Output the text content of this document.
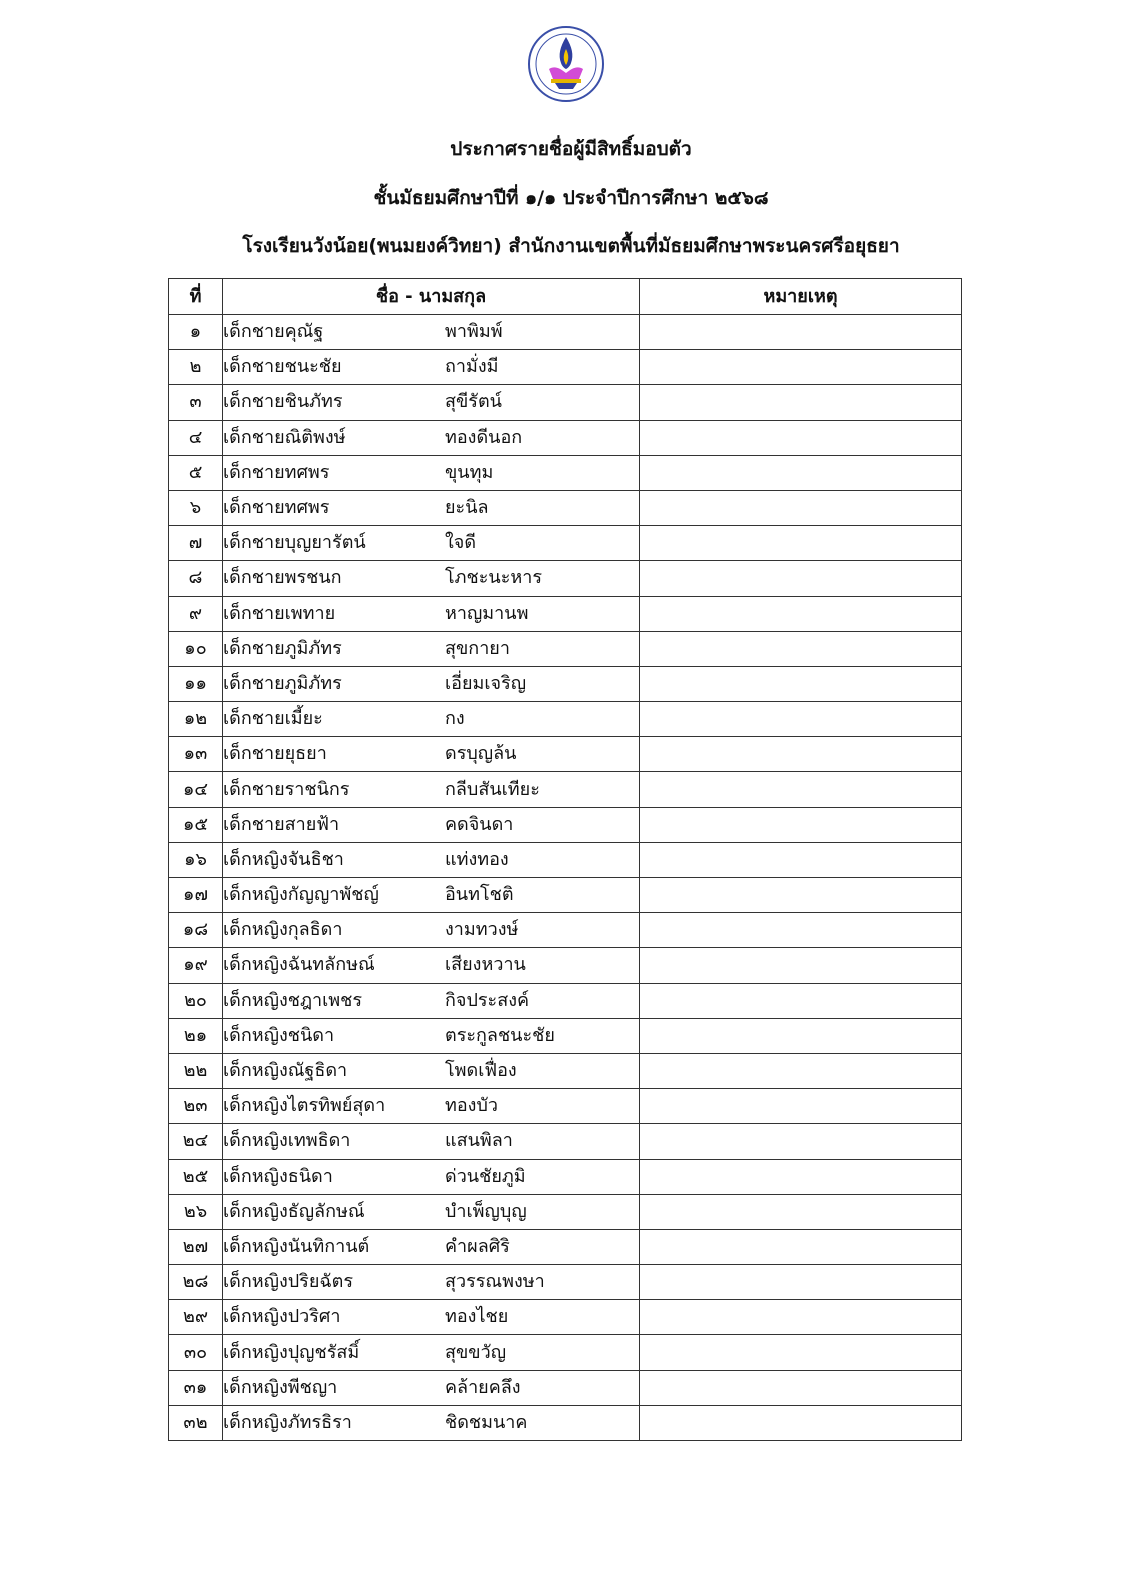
ประกาศรายชื่อผู้มีสิทธิ์มอบตัว
ชั้นมัธยมศึกษาปีที่ ๑/๑ ประจำปีการศึกษา ๒๕๖๘
โรงเรียนวังน้อย(พนมยงค์วิทยา) สำนักงานเขตพื้นที่มัธยมศึกษาพระนครศรีอยุธยา
ที่	ชื่อ - นามสกุล	หมายเหตุ
๑	เด็กชายคุณัฐ พาพิมพ์	
๒	เด็กชายชนะชัย ถามั่งมี	
๓	เด็กชายชินภัทร สุขีรัตน์	
๔	เด็กชายณิติพงษ์ ทองดีนอก	
๕	เด็กชายทศพร ขุนทุม	
๖	เด็กชายทศพร ยะนิล	
๗	เด็กชายบุญยารัตน์ ใจดี	
๘	เด็กชายพรชนก โภชะนะหาร	
๙	เด็กชายเพทาย หาญมานพ	
๑๐	เด็กชายภูมิภัทร สุขกายา	
๑๑	เด็กชายภูมิภัทร เอี่ยมเจริญ	
๑๒	เด็กชายเมี้ยะ กง	
๑๓	เด็กชายยุธยา ดรบุญล้น	
๑๔	เด็กชายราชนิกร กลีบสันเทียะ	
๑๕	เด็กชายสายฟ้า คดจินดา	
๑๖	เด็กหญิงจันธิชา แท่งทอง	
๑๗	เด็กหญิงกัญญาพัชญ์ อินทโชติ	
๑๘	เด็กหญิงกุลธิดา งามทวงษ์	
๑๙	เด็กหญิงฉันทลักษณ์ เสียงหวาน	
๒๐	เด็กหญิงชฎาเพชร กิจประสงค์	
๒๑	เด็กหญิงชนิดา ตระกูลชนะชัย	
๒๒	เด็กหญิงณัฐธิดา โพดเฟื่อง	
๒๓	เด็กหญิงไตรทิพย์สุดา ทองบัว	
๒๔	เด็กหญิงเทพธิดา แสนพิลา	
๒๕	เด็กหญิงธนิดา ด่วนชัยภูมิ	
๒๖	เด็กหญิงธัญลักษณ์ บำเพ็ญบุญ	
๒๗	เด็กหญิงนันทิกานต์ คำผลศิริ	
๒๘	เด็กหญิงปริยฉัตร สุวรรณพงษา	
๒๙	เด็กหญิงปวริศา ทองไชย	
๓๐	เด็กหญิงปุญชรัสมิ์ สุขขวัญ	
๓๑	เด็กหญิงพีชญา คล้ายคลึง	
๓๒	เด็กหญิงภัทรธิรา ชิดชมนาค	
